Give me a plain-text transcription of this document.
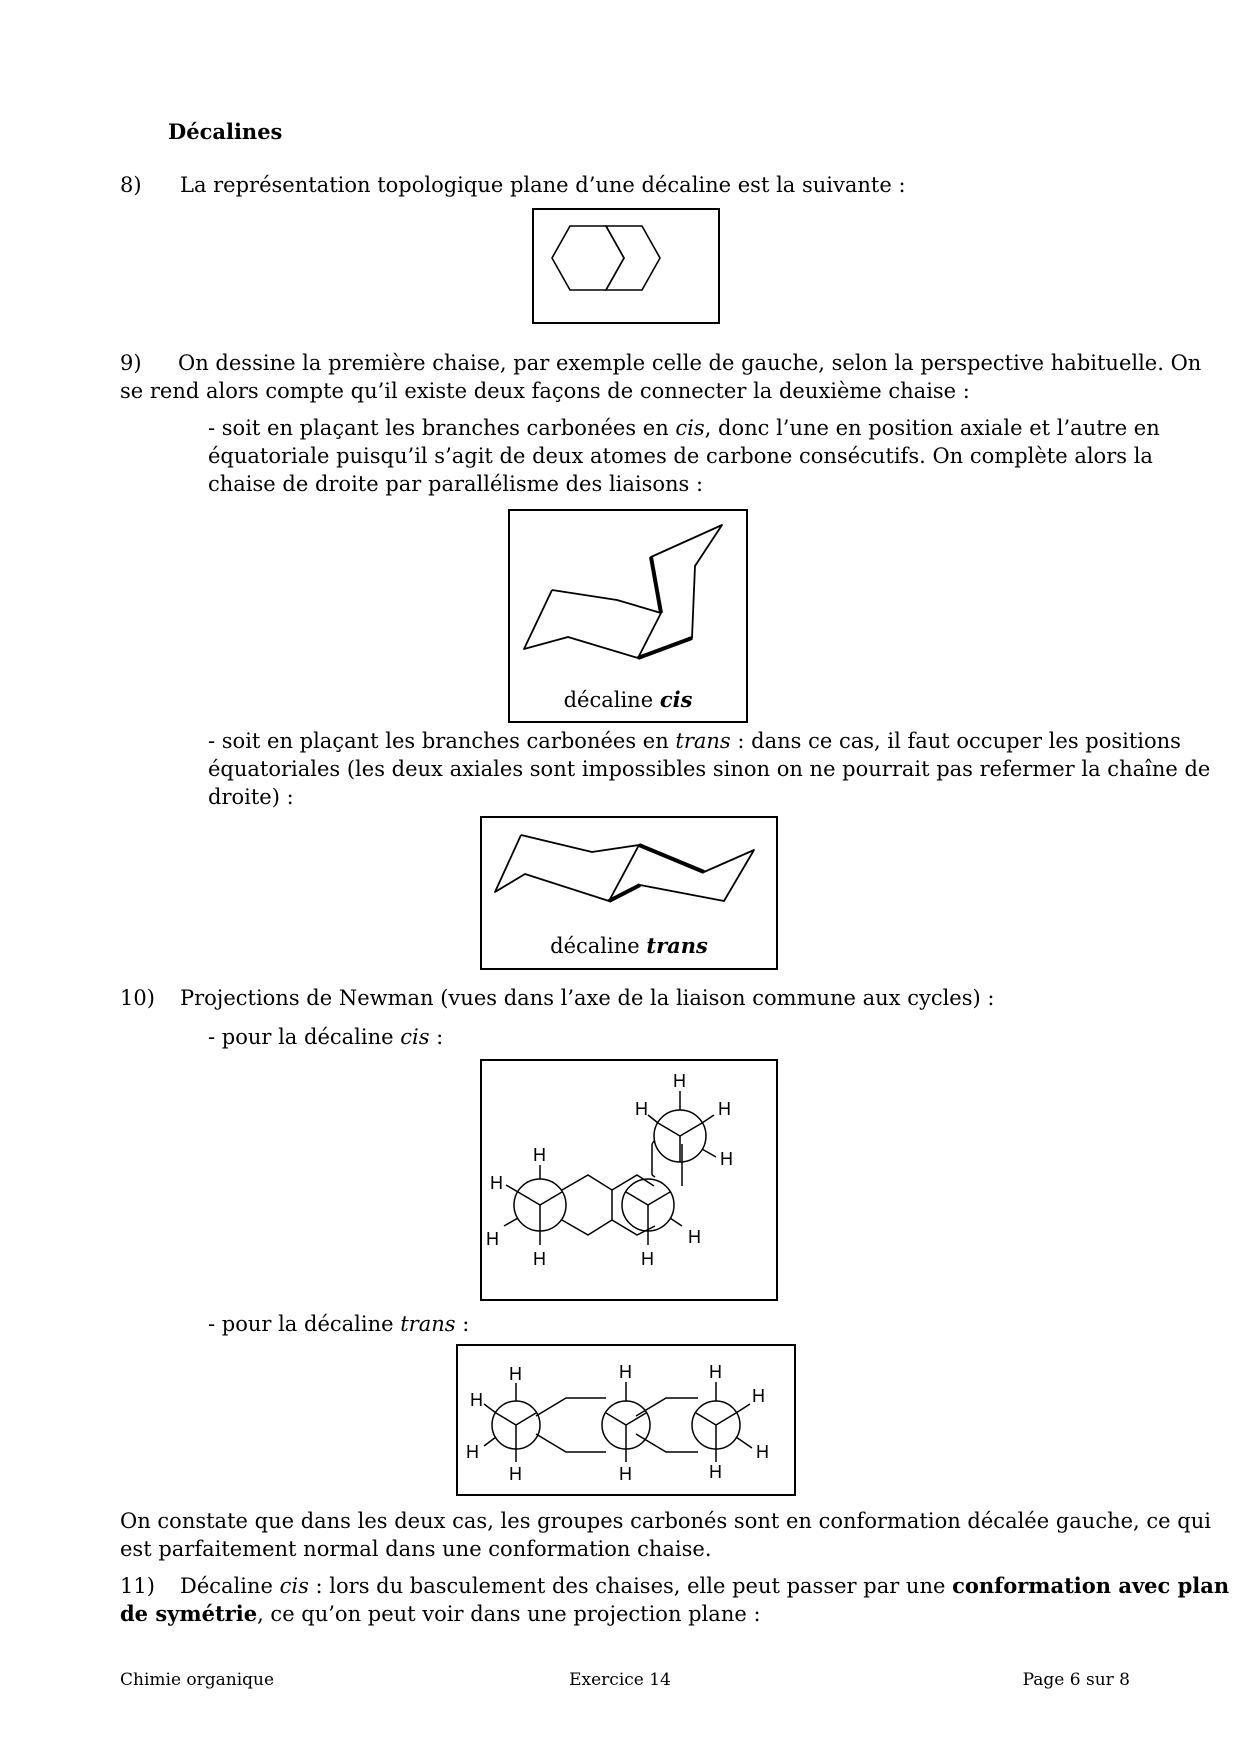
Décalines
8) La représentation topologique plane d’une décaline est la suivante :
9) On dessine la première chaise, par exemple celle de gauche, selon la perspective habituelle. On
se rend alors compte qu’il existe deux façons de connecter la deuxième chaise :
- soit en plaçant les branches carbonées en cis, donc l’une en position axiale et l’autre en
équatoriale puisqu’il s’agit de deux atomes de carbone consécutifs. On complète alors la
chaise de droite par parallélisme des liaisons :
décaline cis
- soit en plaçant les branches carbonées en trans : dans ce cas, il faut occuper les positions
équatoriales (les deux axiales sont impossibles sinon on ne pourrait pas refermer la chaîne de
droite) :
décaline trans
10) Projections de Newman (vues dans l’axe de la liaison commune aux cycles) :
- pour la décaline cis :
H
H
H
H	H
H
H
H	H
H
- pour la décaline trans :
H
H
H
H
H
H
H
H
H
H
On constate que dans les deux cas, les groupes carbonés sont en conformation décalée gauche, ce qui
est parfaitement normal dans une conformation chaise.
11) Décaline cis : lors du basculement des chaises, elle peut passer par une conformation avec plan
de symétrie, ce qu’on peut voir dans une projection plane :
Chimie organique	Exercice 14	Page 6 sur 8
